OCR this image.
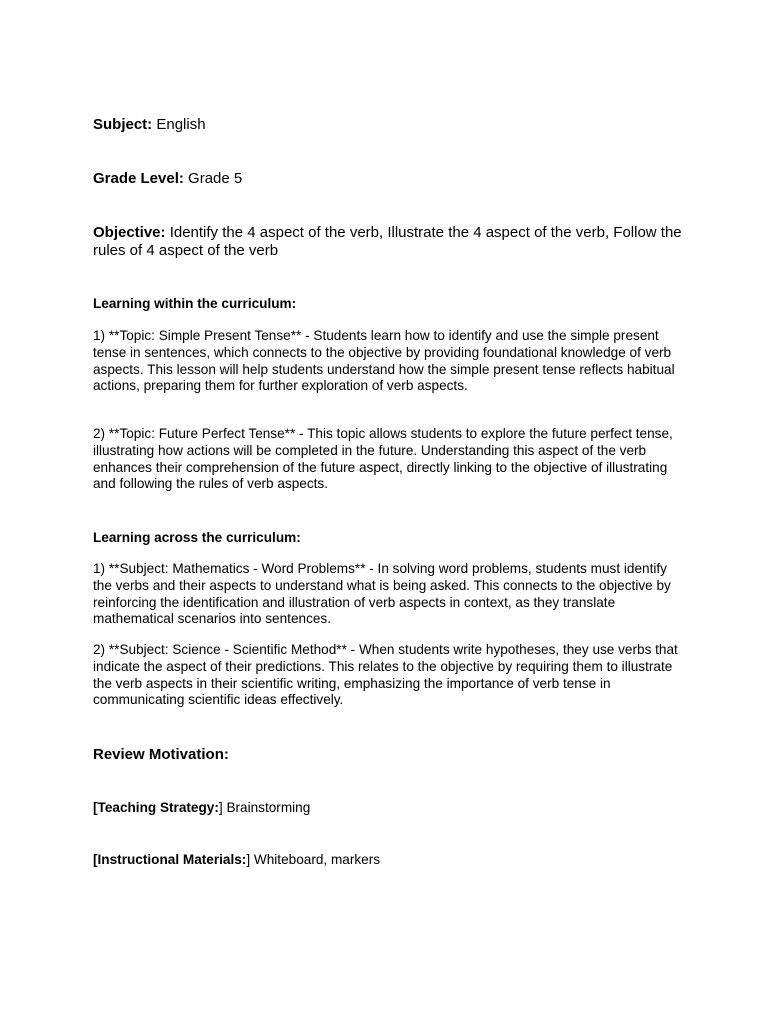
Subject: English

Grade Level: Grade 5

Objective: Identify the 4 aspect of the verb, Illustrate the 4 aspect of the verb, Follow the rules of 4 aspect of the verb

Learning within the curriculum:

1) **Topic: Simple Present Tense** - Students learn how to identify and use the simple present tense in sentences, which connects to the objective by providing foundational knowledge of verb aspects. This lesson will help students understand how the simple present tense reflects habitual actions, preparing them for further exploration of verb aspects.

2) **Topic: Future Perfect Tense** - This topic allows students to explore the future perfect tense, illustrating how actions will be completed in the future. Understanding this aspect of the verb enhances their comprehension of the future aspect, directly linking to the objective of illustrating and following the rules of verb aspects.

Learning across the curriculum:

1) **Subject: Mathematics - Word Problems** - In solving word problems, students must identify the verbs and their aspects to understand what is being asked. This connects to the objective by reinforcing the identification and illustration of verb aspects in context, as they translate mathematical scenarios into sentences.

2) **Subject: Science - Scientific Method** - When students write hypotheses, they use verbs that indicate the aspect of their predictions. This relates to the objective by requiring them to illustrate the verb aspects in their scientific writing, emphasizing the importance of verb tense in communicating scientific ideas effectively.

Review Motivation:

[Teaching Strategy:] Brainstorming

[Instructional Materials:] Whiteboard, markers
